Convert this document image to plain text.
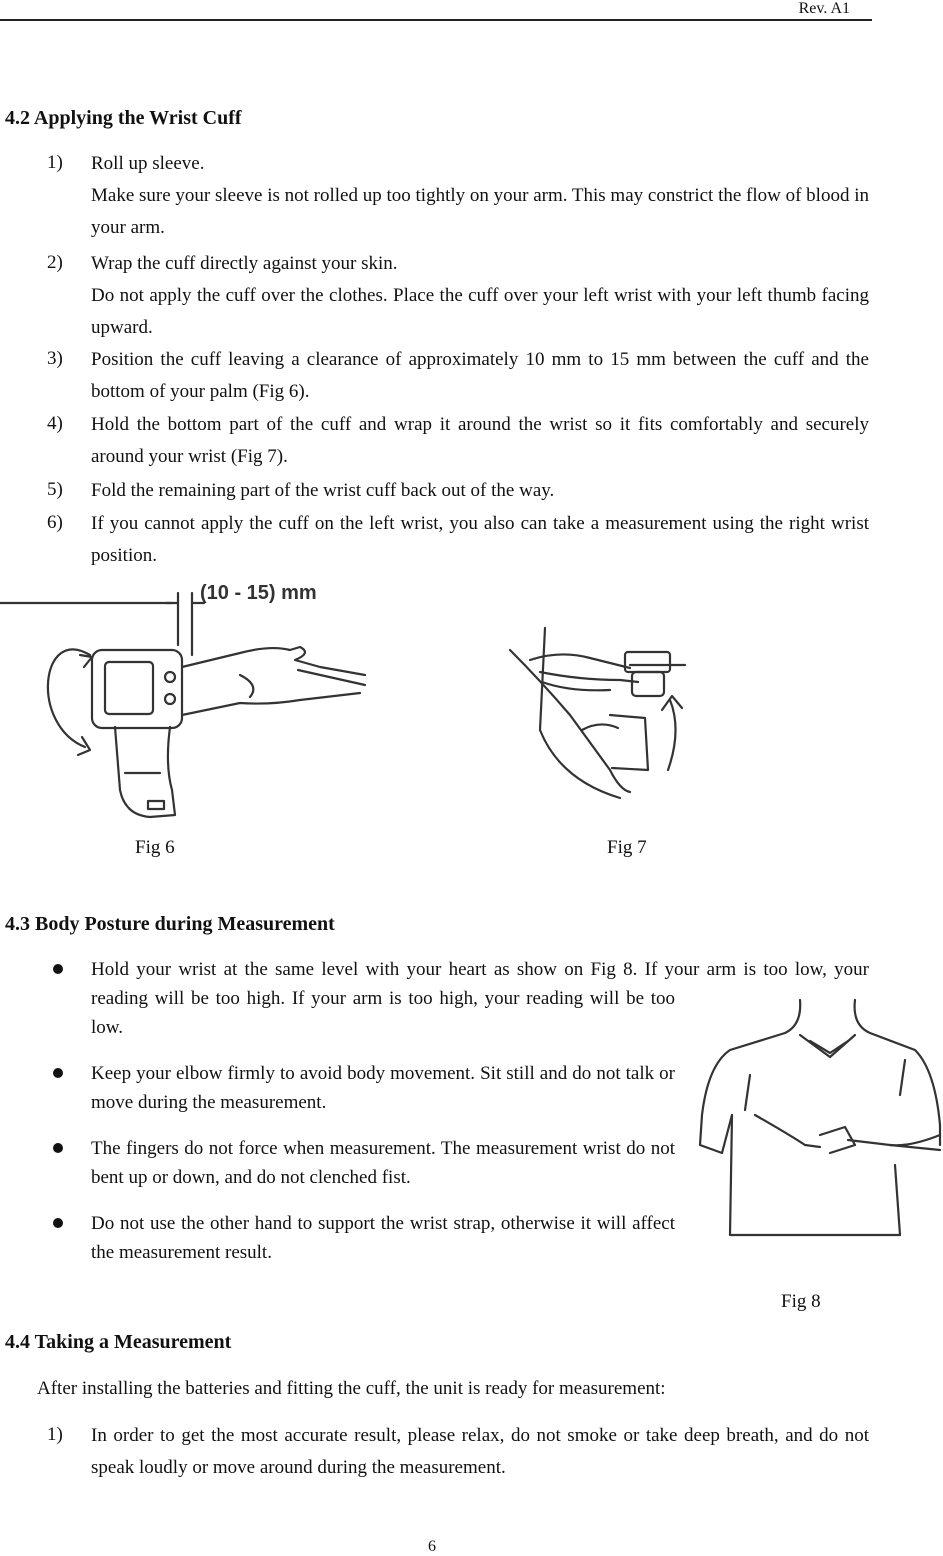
Rev. A1
4.2 Applying the Wrist Cuff
1) Roll up sleeve.
Make sure your sleeve is not rolled up too tightly on your arm. This may constrict the flow of blood in your arm.
2) Wrap the cuff directly against your skin.
Do not apply the cuff over the clothes. Place the cuff over your left wrist with your left thumb facing upward.
3) Position the cuff leaving a clearance of approximately 10 mm to 15 mm between the cuff and the bottom of your palm (Fig 6).
4) Hold the bottom part of the cuff and wrap it around the wrist so it fits comfortably and securely around your wrist (Fig 7).
5) Fold the remaining part of the wrist cuff back out of the way.
6) If you cannot apply the cuff on the left wrist, you also can take a measurement using the right wrist position.
(10 - 15) mm
Fig 6	Fig 7
4.3 Body Posture during Measurement
Hold your wrist at the same level with your heart as show on Fig 8. If your arm is too low, your
reading will be too high. If your arm is too high, your reading will be too low.
Keep your elbow firmly to avoid body movement. Sit still and do not talk or move during the measurement.
The fingers do not force when measurement. The measurement wrist do not bent up or down, and do not clenched fist.
Do not use the other hand to support the wrist strap, otherwise it will affect the measurement result.
Fig 8
4.4 Taking a Measurement
After installing the batteries and fitting the cuff, the unit is ready for measurement:
1) In order to get the most accurate result, please relax, do not smoke or take deep breath, and do not speak loudly or move around during the measurement.
6
